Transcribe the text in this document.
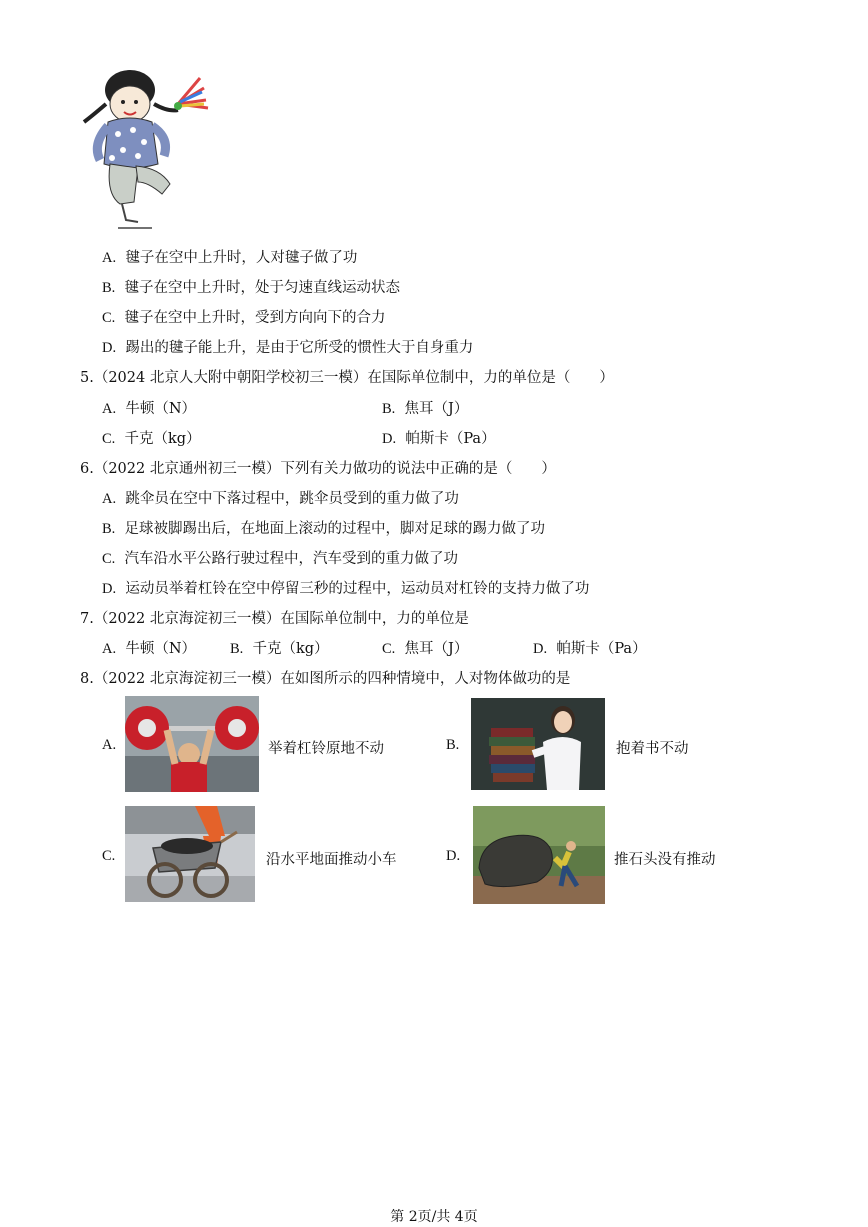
A. 毽子在空中上升时，人对毽子做了功
B. 毽子在空中上升时，处于匀速直线运动状态
C. 毽子在空中上升时，受到方向向下的合力
D. 踢出的毽子能上升，是由于它所受的惯性大于自身重力
5.（2024 北京人大附中朝阳学校初三一模）在国际单位制中，力的单位是（　　）
A. 牛顿（N）	B. 焦耳（J）
C. 千克（kg）	D. 帕斯卡（Pa）
6.（2022 北京通州初三一模）下列有关力做功的说法中正确的是（　　）
A. 跳伞员在空中下落过程中，跳伞员受到的重力做了功
B. 足球被脚踢出后，在地面上滚动的过程中，脚对足球的踢力做了功
C. 汽车沿水平公路行驶过程中，汽车受到的重力做了功
D. 运动员举着杠铃在空中停留三秒的过程中，运动员对杠铃的支持力做了功
7.（2022 北京海淀初三一模）在国际单位制中，力的单位是
A. 牛顿（N） B. 千克（kg）	C. 焦耳（J）	D. 帕斯卡（Pa）
8.（2022 北京海淀初三一模）在如图所示的四种情境中，人对物体做功的是
A.	举着杠铃原地不动	B.	抱着书不动
C.	沿水平地面推动小车	D.	推石头没有推动
第 2页/共 4页
